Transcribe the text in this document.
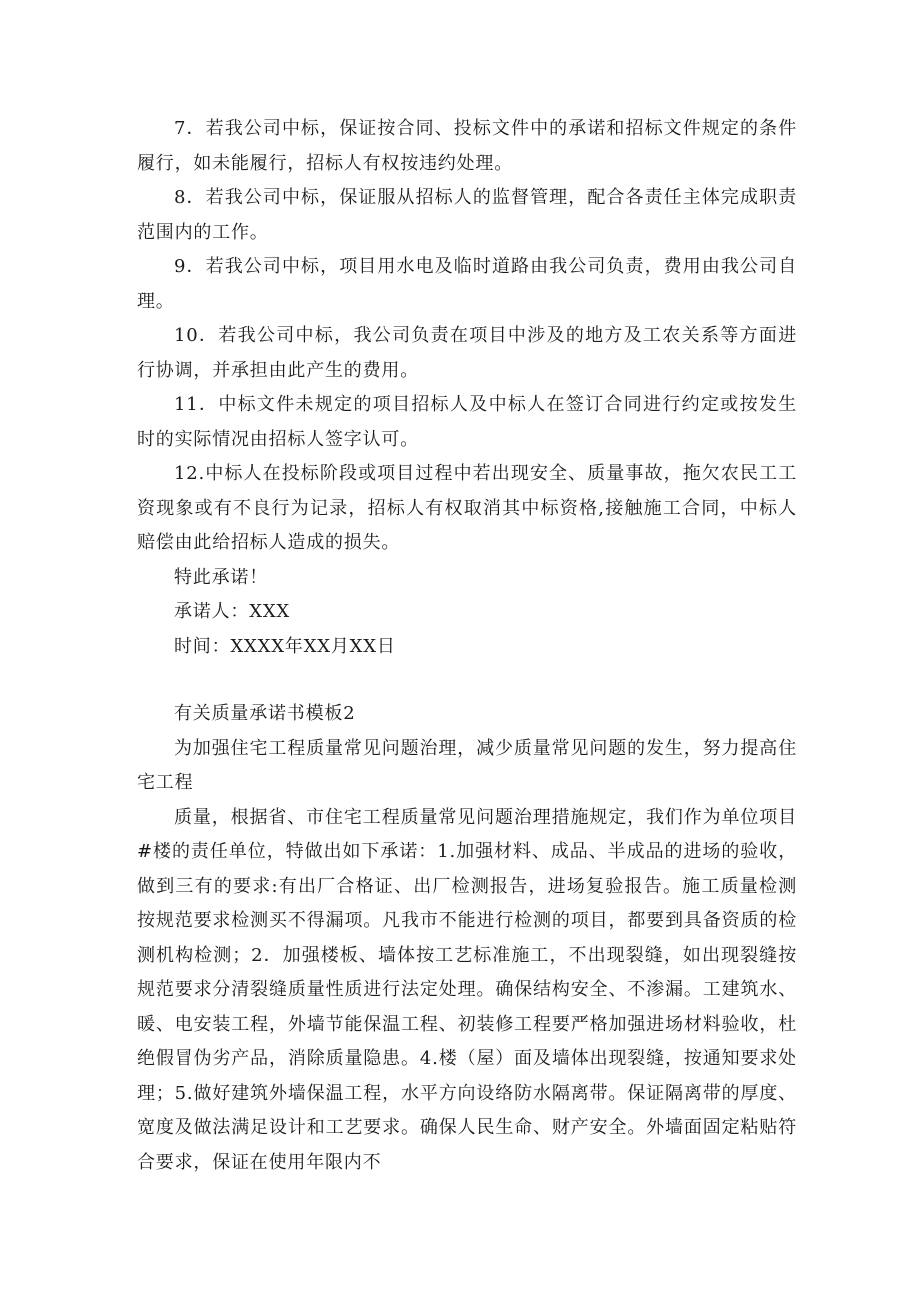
7．若我公司中标，保证按合同、投标文件中的承诺和招标文件规定的条件履行，如未能履行，招标人有权按违约处理。

8．若我公司中标，保证服从招标人的监督管理，配合各责任主体完成职责范围内的工作。

9．若我公司中标，项目用水电及临时道路由我公司负责，费用由我公司自理。

10．若我公司中标，我公司负责在项目中涉及的地方及工农关系等方面进行协调，并承担由此产生的费用。

11．中标文件未规定的项目招标人及中标人在签订合同进行约定或按发生时的实际情况由招标人签字认可。

12.中标人在投标阶段或项目过程中若出现安全、质量事故，拖欠农民工工资现象或有不良行为记录，招标人有权取消其中标资格,接触施工合同，中标人赔偿由此给招标人造成的损失。

特此承诺！

承诺人：XXX

时间：XXXX年XX月XX日

有关质量承诺书模板2

为加强住宅工程质量常见问题治理，减少质量常见问题的发生，努力提高住宅工程

质量，根据省、市住宅工程质量常见问题治理措施规定，我们作为单位项目#楼的责任单位，特做出如下承诺：1.加强材料、成品、半成品的进场的验收，做到三有的要求:有出厂合格证、出厂检测报告，进场复验报告。施工质量检测按规范要求检测买不得漏项。凡我市不能进行检测的项目，都要到具备资质的检测机构检测；2．加强楼板、墙体按工艺标准施工，不出现裂缝，如出现裂缝按规范要求分清裂缝质量性质进行法定处理。确保结构安全、不渗漏。工建筑水、暖、电安装工程，外墙节能保温工程、初装修工程要严格加强进场材料验收，杜绝假冒伪劣产品，消除质量隐患。4.楼（屋）面及墙体出现裂缝，按通知要求处理；5.做好建筑外墙保温工程，水平方向设络防水隔离带。保证隔离带的厚度、宽度及做法满足设计和工艺要求。确保人民生命、财产安全。外墙面固定粘贴符合要求，保证在使用年限内不
